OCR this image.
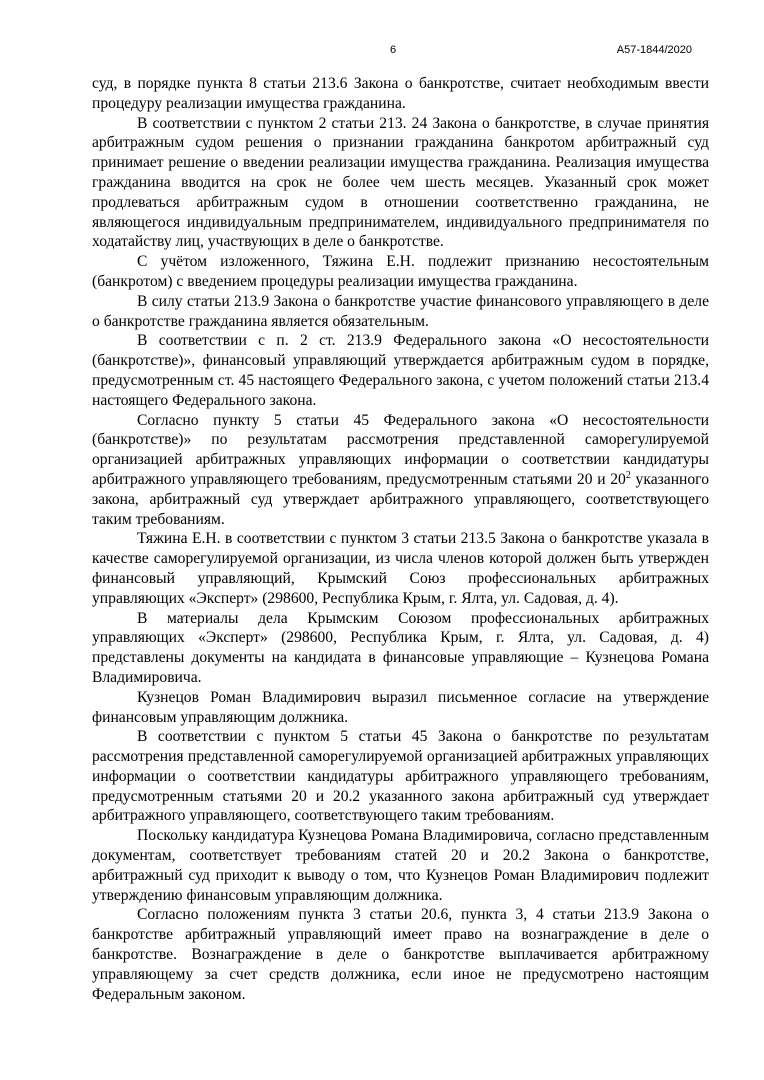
6	А57-1844/2020

суд, в порядке пункта 8 статьи 213.6 Закона о банкротстве, считает необходимым ввести процедуру реализации имущества гражданина.

В соответствии с пунктом 2 статьи 213. 24 Закона о банкротстве, в случае принятия арбитражным судом решения о признании гражданина банкротом арбитражный суд принимает решение о введении реализации имущества гражданина. Реализация имущества гражданина вводится на срок не более чем шесть месяцев. Указанный срок может продлеваться арбитражным судом в отношении соответственно гражданина, не являющегося индивидуальным предпринимателем, индивидуального предпринимателя по ходатайству лиц, участвующих в деле о банкротстве.

С учётом изложенного, Тяжина Е.Н. подлежит признанию несостоятельным (банкротом) с введением процедуры реализации имущества гражданина.

В силу статьи 213.9 Закона о банкротстве участие финансового управляющего в деле о банкротстве гражданина является обязательным.

В соответствии с п. 2 ст. 213.9 Федерального закона «О несостоятельности (банкротстве)», финансовый управляющий утверждается арбитражным судом в порядке, предусмотренным ст. 45 настоящего Федерального закона, с учетом положений статьи 213.4 настоящего Федерального закона.

Согласно пункту 5 статьи 45 Федерального закона «О несостоятельности (банкротстве)» по результатам рассмотрения представленной саморегулируемой организацией арбитражных управляющих информации о соответствии кандидатуры арбитражного управляющего требованиям, предусмотренным статьями 20 и $20^2$ указанного закона, арбитражный суд утверждает арбитражного управляющего, соответствующего таким требованиям.

Тяжина Е.Н. в соответствии с пунктом 3 статьи 213.5 Закона о банкротстве указала в качестве саморегулируемой организации, из числа членов которой должен быть утвержден финансовый управляющий, Крымский Союз профессиональных арбитражных управляющих «Эксперт» (298600, Республика Крым, г. Ялта, ул. Садовая, д. 4).

В материалы дела Крымским Союзом профессиональных арбитражных управляющих «Эксперт» (298600, Республика Крым, г. Ялта, ул. Садовая, д. 4) представлены документы на кандидата в финансовые управляющие – Кузнецова Романа Владимировича.

Кузнецов Роман Владимирович выразил письменное согласие на утверждение финансовым управляющим должника.

В соответствии с пунктом 5 статьи 45 Закона о банкротстве по результатам рассмотрения представленной саморегулируемой организацией арбитражных управляющих информации о соответствии кандидатуры арбитражного управляющего требованиям, предусмотренным статьями 20 и 20.2 указанного закона арбитражный суд утверждает арбитражного управляющего, соответствующего таким требованиям.

Поскольку кандидатура Кузнецова Романа Владимировича, согласно представленным документам, соответствует требованиям статей 20 и 20.2 Закона о банкротстве, арбитражный суд приходит к выводу о том, что Кузнецов Роман Владимирович подлежит утверждению финансовым управляющим должника.

Согласно положениям пункта 3 статьи 20.6, пункта 3, 4 статьи 213.9 Закона о банкротстве арбитражный управляющий имеет право на вознаграждение в деле о банкротстве. Вознаграждение в деле о банкротстве выплачивается арбитражному управляющему за счет средств должника, если иное не предусмотрено настоящим Федеральным законом.
